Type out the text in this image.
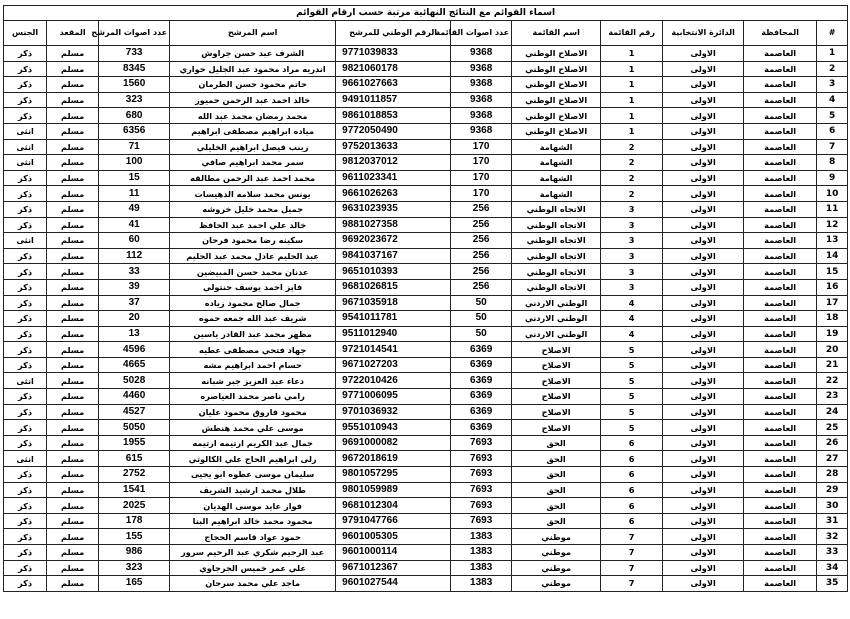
اسماء القوائم مع النتائج النهائية مرتبة حسب ارقام القوائم										
#	المحافظة	الدائرة الانتخابية	رقم القائمة	اسم القائمة	عدد اصوات القائمة	الرقم الوطني للمرشح	اسم المرشح	عدد اصوات المرشح	المقعد	الجنس
1	العاصمة	الاولى	1	الاصلاح الوطني	9368	9771039833	الشرف عبد حسن جراوش	733	مسلم	ذكر
2	العاصمة	الاولى	1	الاصلاح الوطني	9368	9821060178	اندريه مراد محمود عبد الجليل حواري	8345	مسلم	ذكر
3	العاصمة	الاولى	1	الاصلاح الوطني	9368	9661027663	حاتم محمود حسن الطرمان	1560	مسلم	ذكر
4	العاصمة	الاولى	1	الاصلاح الوطني	9368	9491011857	خالد احمد عبد الرحمن حميوز	323	مسلم	ذكر
5	العاصمة	الاولى	1	الاصلاح الوطني	9368	9861018853	محمد رمضان محمد عبد الله	680	مسلم	ذكر
6	العاصمة	الاولى	1	الاصلاح الوطني	9368	9772050490	مياده ابراهيم مصطفى ابراهيم	6356	مسلم	انثى
7	العاصمة	الاولى	2	الشهامة	170	9752013633	زينب فيصل ابراهيم الخليلي	71	مسلم	انثى
8	العاصمة	الاولى	2	الشهامة	170	9812037012	سمر محمد ابراهيم صافي	100	مسلم	انثى
9	العاصمة	الاولى	2	الشهامة	170	9611023341	محمد احمد عبد الرحمن مطالقه	15	مسلم	ذكر
10	العاصمة	الاولى	2	الشهامة	170	9661026263	يونس محمد سلامه الدهيسات	11	مسلم	ذكر
11	العاصمة	الاولى	3	الاتجاه الوطني	256	9631023935	جميل محمد خليل خروشه	49	مسلم	ذكر
12	العاصمة	الاولى	3	الاتجاه الوطني	256	9881027358	خالد علي احمد عبد الحافظ	41	مسلم	ذكر
13	العاصمة	الاولى	3	الاتجاه الوطني	256	9692023672	سكينه رضا محمود فرحان	60	مسلم	انثى
14	العاصمة	الاولى	3	الاتجاه الوطني	256	9841037167	عبد الحليم عادل محمد عبد الحليم	112	مسلم	ذكر
15	العاصمة	الاولى	3	الاتجاه الوطني	256	9651010393	عدنان محمد حسن المبيضين	33	مسلم	ذكر
16	العاصمة	الاولى	3	الاتجاه الوطني	256	9681026815	فايز احمد يوسف حنتولي	39	مسلم	ذكر
17	العاصمة	الاولى	4	الوطني الاردني	50	9671035918	جمال صالح محمود زياده	37	مسلم	ذكر
18	العاصمة	الاولى	4	الوطني الاردني	50	9541011781	شريف عبد الله جمعه حموه	20	مسلم	ذكر
19	العاصمة	الاولى	4	الوطني الاردني	50	9511012940	مظهر محمد عبد القادر ياسين	13	مسلم	ذكر
20	العاصمة	الاولى	5	الاصلاح	6369	9721014541	جهاد فتحي مصطفى عطيه	4596	مسلم	ذكر
21	العاصمة	الاولى	5	الاصلاح	6369	9671027203	حسام احمد ابراهيم مشه	4665	مسلم	ذكر
22	العاصمة	الاولى	5	الاصلاح	6369	9722010426	دعاء عبد العزيز جبر شبانه	5028	مسلم	انثى
23	العاصمة	الاولى	5	الاصلاح	6369	9771006095	رامي ناصر محمد العياصره	4460	مسلم	ذكر
24	العاصمة	الاولى	5	الاصلاح	6369	9701036932	محمود فاروق محمود عليان	4527	مسلم	ذكر
25	العاصمة	الاولى	5	الاصلاح	6369	9551010943	موسى علي محمد هنطش	5050	مسلم	ذكر
26	العاصمة	الاولى	6	الحق	7693	9691000082	جمال عبد الكريم ارتيمه ارتيمه	1955	مسلم	ذكر
27	العاصمة	الاولى	6	الحق	7693	9672018619	رلى ابراهيم الحاج علي الكالوتي	615	مسلم	انثى
28	العاصمة	الاولى	6	الحق	7693	9801057295	سليمان موسى عطوه ابو يحيى	2752	مسلم	ذكر
29	العاصمة	الاولى	6	الحق	7693	9801059989	طلال محمد ارشيد الشريف	1541	مسلم	ذكر
30	العاصمة	الاولى	6	الحق	7693	9681012304	فواز عايد موسى الهديان	2025	مسلم	ذكر
31	العاصمة	الاولى	6	الحق	7693	9791047766	محمود محمد خالد ابراهيم البنا	178	مسلم	ذكر
32	العاصمة	الاولى	7	موطني	1383	9601005305	حمود عواد قاسم الحجاج	155	مسلم	ذكر
33	العاصمة	الاولى	7	موطني	1383	9601000114	عبد الرحيم شكري عبد الرحيم سرور	986	مسلم	ذكر
34	العاصمة	الاولى	7	موطني	1383	9671012367	علي عمر خميس الجرجاوي	323	مسلم	ذكر
35	العاصمة	الاولى	7	موطني	1383	9601027544	ماجد علي محمد سرحان	165	مسلم	ذكر
